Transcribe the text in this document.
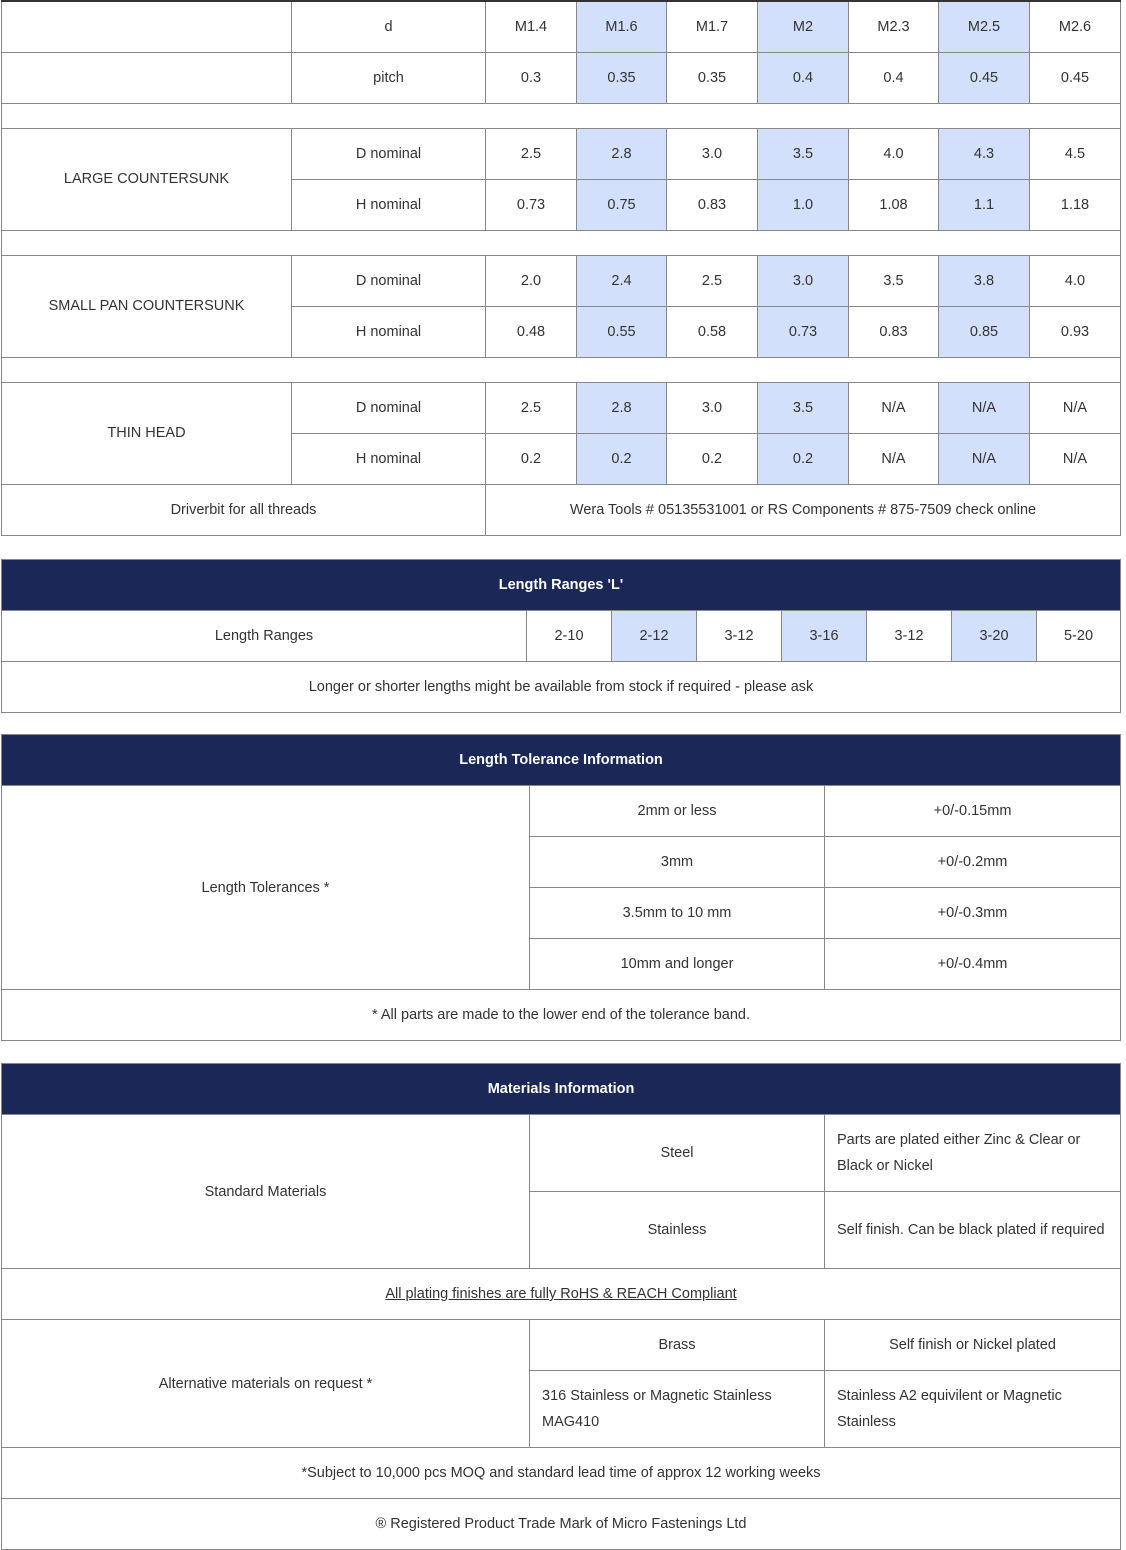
	d	M1.4	M1.6	M1.7	M2	M2.3	M2.5	M2.6
	pitch	0.3	0.35	0.35	0.4	0.4	0.45	0.45

LARGE COUNTERSUNK	D nominal	2.5	2.8	3.0	3.5	4.0	4.3	4.5
	H nominal	0.73	0.75	0.83	1.0	1.08	1.1	1.18

SMALL PAN COUNTERSUNK	D nominal	2.0	2.4	2.5	3.0	3.5	3.8	4.0
	H nominal	0.48	0.55	0.58	0.73	0.83	0.85	0.93

THIN HEAD	D nominal	2.5	2.8	3.0	3.5	N/A	N/A	N/A
	H nominal	0.2	0.2	0.2	0.2	N/A	N/A	N/A
Driverbit for all threads		Wera Tools # 05135531001 or RS Components # 875-7509 check online						
Length Ranges 'L'
Length Ranges	2-10	2-12	3-12	3-16	3-12	3-20	5-20
Longer or shorter lengths might be available from stock if required - please ask
Length Tolerance Information		
Length Tolerances *	2mm or less	+0/-0.15mm
	3mm	+0/-0.2mm
	3.5mm to 10 mm	+0/-0.3mm
	10mm and longer	+0/-0.4mm
* All parts are made to the lower end of the tolerance band.		
Materials Information		
Standard Materials	Steel	Parts are plated either Zinc & Clear or Black or Nickel
	Stainless	Self finish. Can be black plated if required
All plating finishes are fully RoHS & REACH Compliant		
Alternative materials on request *	Brass	Self finish or Nickel plated
	316 Stainless or Magnetic Stainless MAG410	Stainless A2 equivilent or Magnetic Stainless
*Subject to 10,000 pcs MOQ and standard lead time of approx 12 working weeks		
® Registered Product Trade Mark of Micro Fastenings Ltd		
